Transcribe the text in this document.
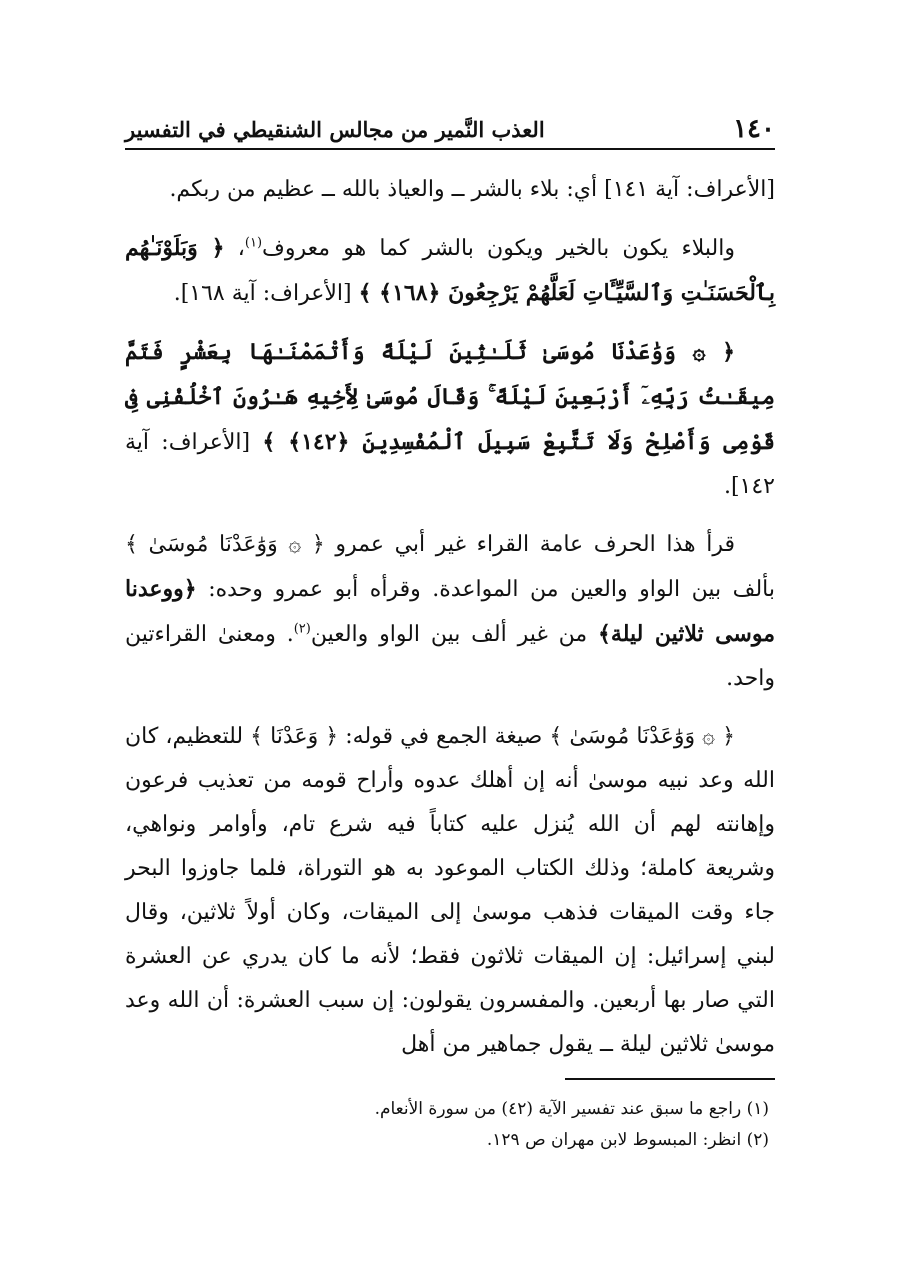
١٤٠
العذب النَّمير من مجالس الشنقيطي في التفسير

[الأعراف: آية ١٤١] أي: بلاء بالشر ــ والعياذ بالله ــ عظيم من ربكم.

والبلاء يكون بالخير ويكون بالشر كما هو معروف$^{(١)}$، ﴿ وَبَلَوْنَـٰهُم بِٱلْحَسَنَـٰتِ وَٱلسَّيِّـَٔاتِ لَعَلَّهُمْ يَرْجِعُونَ ﴿١٦٨﴾ ﴾ [الأعراف: آية ١٦٨].

﴿ ۞ وَوَٰعَدْنَا مُوسَىٰ ثَلَـٰثِينَ لَيْلَةً وَأَتْمَمْنَـٰهَا بِعَشْرٍ فَتَمَّ مِيقَـٰتُ رَبِّهِۦٓ أَرْبَعِينَ لَيْلَةً ۚ وَقَالَ مُوسَىٰ لِأَخِيهِ هَـٰرُونَ ٱخْلُفْنِى فِى قَوْمِى وَأَصْلِحْ وَلَا تَتَّبِعْ سَبِيلَ ٱلْمُفْسِدِينَ ﴿١٤٢﴾ ﴾ [الأعراف: آية ١٤٢].

قرأ هذا الحرف عامة القراء غير أبي عمرو ﴿ ۞ وَوَٰعَدْنَا مُوسَىٰ ﴾ بألف بين الواو والعين من المواعدة. وقرأه أبو عمرو وحده: ﴿ووعدنا موسى ثلاثين ليلة﴾ من غير ألف بين الواو والعين$^{(٢)}$. ومعنىٰ القراءتين واحد.

﴿ ۞ وَوَٰعَدْنَا مُوسَىٰ ﴾ صيغة الجمع في قوله: ﴿ وَعَدْنَا ﴾ للتعظيم، كان الله وعد نبيه موسىٰ أنه إن أهلك عدوه وأراح قومه من تعذيب فرعون وإهانته لهم أن الله يُنزل عليه كتاباً فيه شرع تام، وأوامر ونواهي، وشريعة كاملة؛ وذلك الكتاب الموعود به هو التوراة، فلما جاوزوا البحر جاء وقت الميقات فذهب موسىٰ إلى الميقات، وكان أولاً ثلاثين، وقال لبني إسرائيل: إن الميقات ثلاثون فقط؛ لأنه ما كان يدري عن العشرة التي صار بها أربعين. والمفسرون يقولون: إن سبب العشرة: أن الله وعد موسىٰ ثلاثين ليلة ــ يقول جماهير من أهل

(١) راجع ما سبق عند تفسير الآية (٤٢) من سورة الأنعام.
(٢) انظر: المبسوط لابن مهران ص ١٢٩.
